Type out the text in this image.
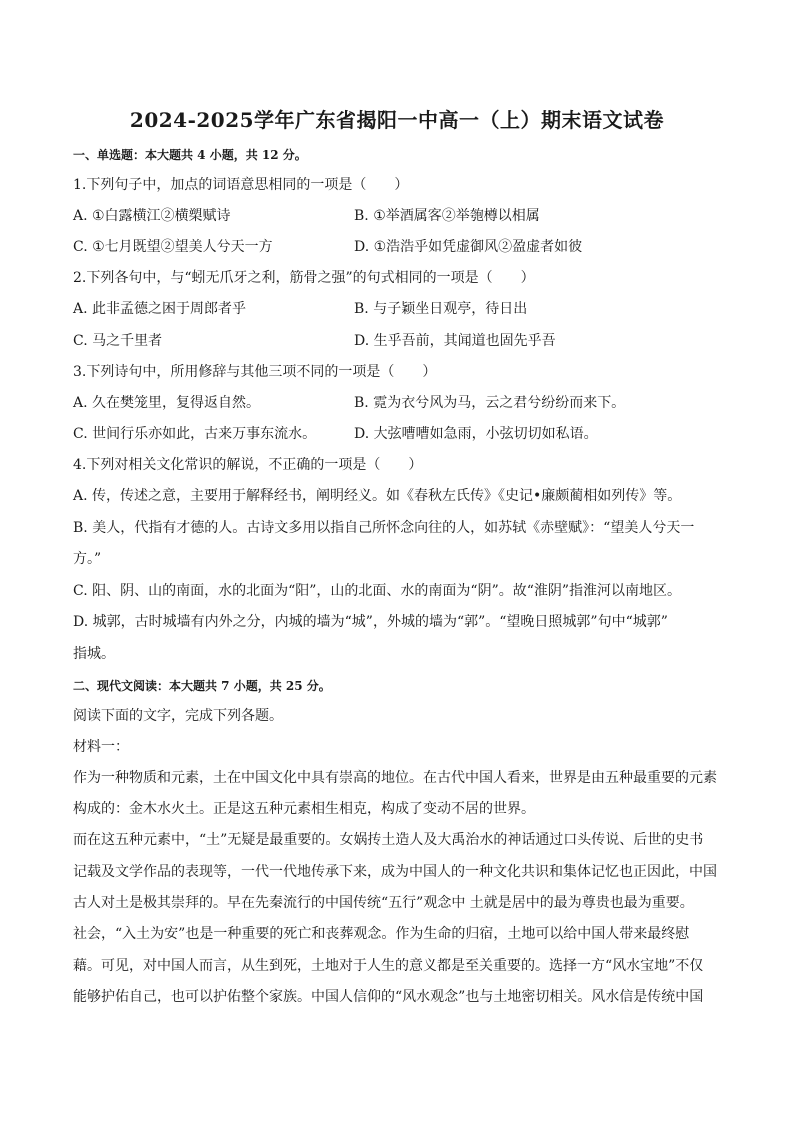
2024-2025学年广东省揭阳一中高一（上）期末语文试卷
一、单选题：本大题共 4 小题，共 12 分。
1.下列句子中，加点的词语意思相同的一项是（　　）
A. ①白露横江②横槊赋诗	B. ①举酒属客②举匏樽以相属
C. ①七月既望②望美人兮天一方	D. ①浩浩乎如凭虚御风②盈虚者如彼
2.下列各句中，与“蚓无爪牙之利，筋骨之强”的句式相同的一项是（　　）
A. 此非孟德之困于周郎者乎	B. 与子颖坐日观亭，待日出
C. 马之千里者	D. 生乎吾前，其闻道也固先乎吾
3.下列诗句中，所用修辞与其他三项不同的一项是（　　）
A. 久在樊笼里，复得返自然。	B. 霓为衣兮风为马，云之君兮纷纷而来下。
C. 世间行乐亦如此，古来万事东流水。	D. 大弦嘈嘈如急雨，小弦切切如私语。
4.下列对相关文化常识的解说，不正确的一项是（　　）
A. 传，传述之意，主要用于解释经书，阐明经义。如《春秋左氏传》《史记•廉颇蔺相如列传》等。
B. 美人，代指有才德的人。古诗文多用以指自己所怀念向往的人，如苏轼《赤壁赋》：“望美人兮天一
方。”
C. 阳、阴、山的南面，水的北面为“阳”，山的北面、水的南面为“阴”。故“淮阴”指淮河以南地区。
D. 城郭，古时城墙有内外之分，内城的墙为“城”，外城的墙为“郭”。“望晚日照城郭”句中“城郭”
指城。
二、现代文阅读：本大题共 7 小题，共 25 分。
阅读下面的文字，完成下列各题。
材料一：
作为一种物质和元素，土在中国文化中具有崇高的地位。在古代中国人看来，世界是由五种最重要的元素
构成的：金木水火土。正是这五种元素相生相克，构成了变动不居的世界。
而在这五种元素中，“土”无疑是最重要的。女娲抟土造人及大禹治水的神话通过口头传说、后世的史书
记载及文学作品的表现等，一代一代地传承下来，成为中国人的一种文化共识和集体记忆也正因此，中国
古人对土是极其崇拜的。早在先秦流行的中国传统“五行”观念中 土就是居中的最为尊贵也最为重要。
社会，“入土为安”也是一种重要的死亡和丧葬观念。作为生命的归宿，土地可以给中国人带来最终慰
藉。可见，对中国人而言，从生到死，土地对于人生的意义都是至关重要的。选择一方“风水宝地”不仅
能够护佑自己，也可以护佑整个家族。中国人信仰的“风水观念”也与土地密切相关。风水信是传统中国
